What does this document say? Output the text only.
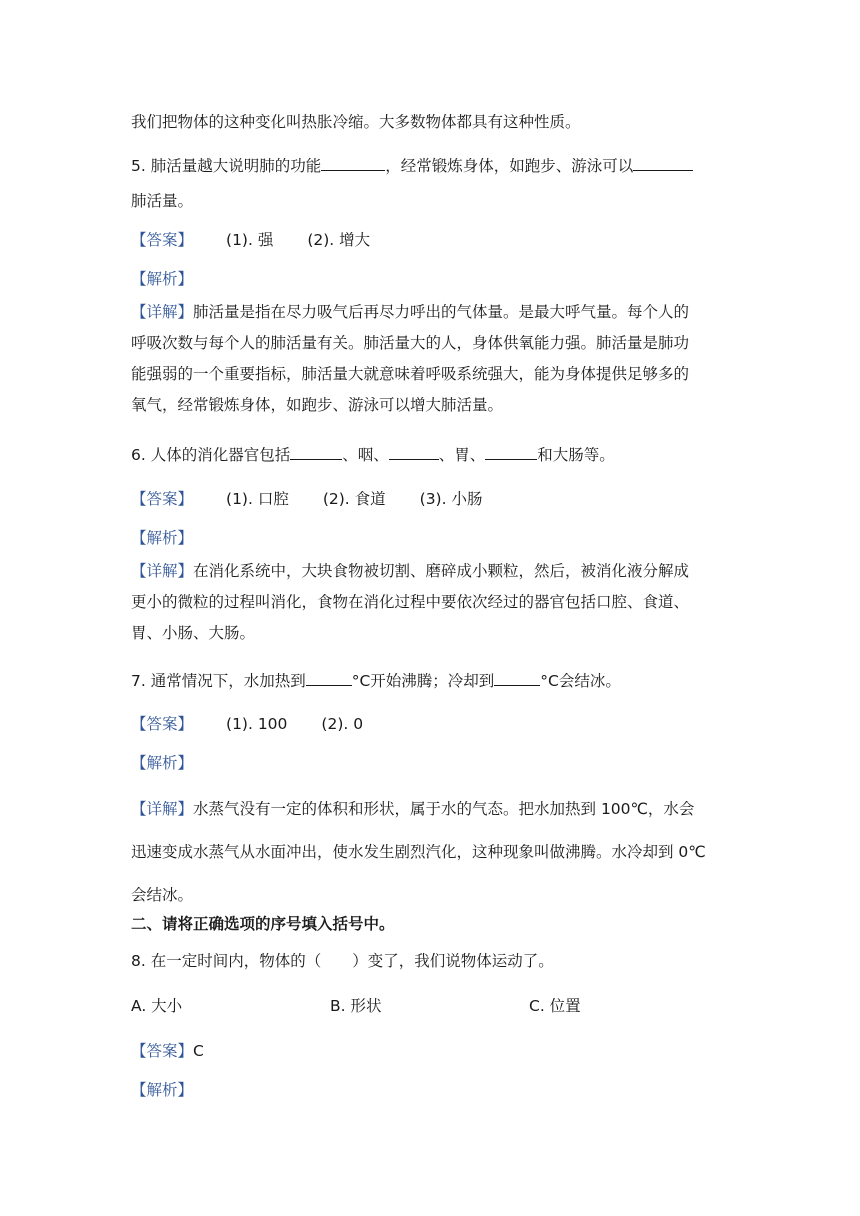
我们把物体的这种变化叫热胀冷缩。大多数物体都具有这种性质。
5. 肺活量越大说明肺的功能	，经常锻炼身体，如跑步、游泳可以
肺活量。
【答案】 (1). 强 (2). 增大
【解析】
【详解】肺活量是指在尽力吸气后再尽力呼出的气体量。是最大呼气量。每个人的
呼吸次数与每个人的肺活量有关。肺活量大的人，身体供氧能力强。肺活量是肺功
能强弱的一个重要指标，肺活量大就意味着呼吸系统强大，能为身体提供足够多的
氧气，经常锻炼身体，如跑步、游泳可以增大肺活量。
6. 人体的消化器官包括	、咽、	、胃、	和大肠等。
【答案】 (1). 口腔 (2). 食道 (3). 小肠
【解析】
【详解】在消化系统中，大块食物被切割、磨碎成小颗粒，然后，被消化液分解成
更小的微粒的过程叫消化，食物在消化过程中要依次经过的器官包括口腔、食道、
胃、小肠、大肠。
7. 通常情况下，水加热到	°C开始沸腾；冷却到	°C会结冰。
【答案】 (1). 100 (2). 0
【解析】
【详解】水蒸气没有一定的体积和形状，属于水的气态。把水加热到 100℃，水会
迅速变成水蒸气从水面冲出，使水发生剧烈汽化，这种现象叫做沸腾。水冷却到 0℃
会结冰。
二、请将正确选项的序号填入括号中。
8. 在一定时间内，物体的（　　）变了，我们说物体运动了。
A. 大小	B. 形状	C. 位置
【答案】C
【解析】
